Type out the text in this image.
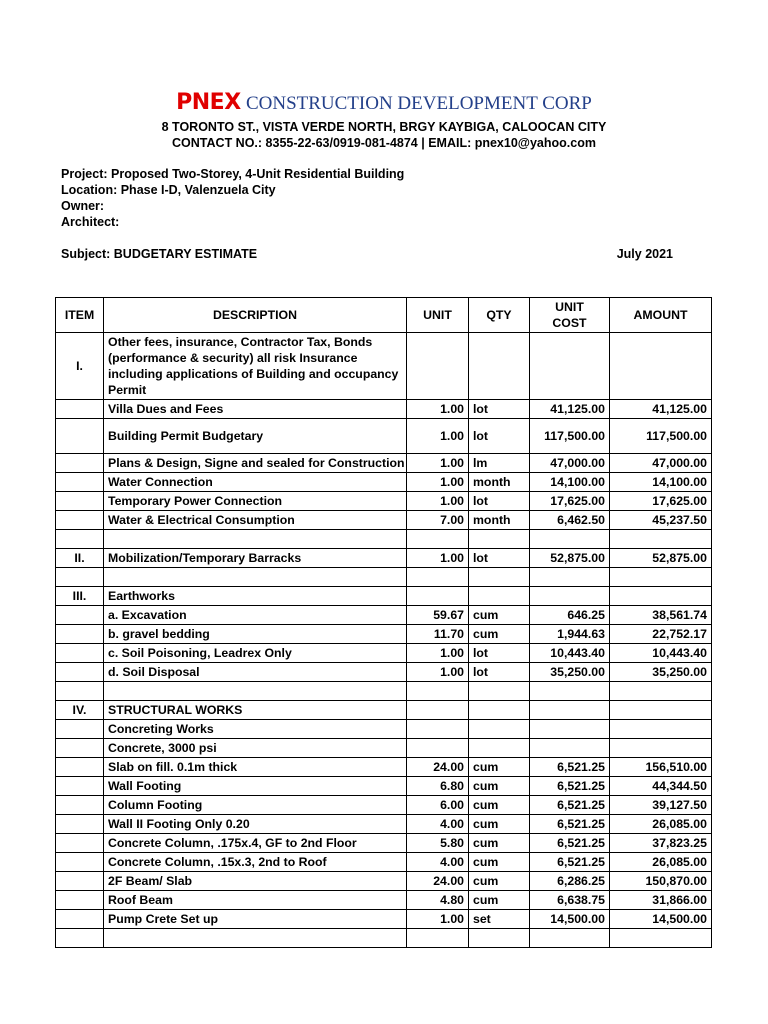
PNEX CONSTRUCTION DEVELOPMENT CORP
8 TORONTO ST., VISTA VERDE NORTH, BRGY KAYBIGA, CALOOCAN CITY
CONTACT NO.: 8355-22-63/0919-081-4874 | EMAIL: pnex10@yahoo.com
Project: Proposed Two-Storey, 4-Unit Residential Building
Location: Phase I-D, Valenzuela City
Owner:
Architect:
Subject: BUDGETARY ESTIMATE	July 2021
ITEM	DESCRIPTION	UNIT	QTY	UNIT COST	AMOUNT
I.	Other fees, insurance, Contractor Tax, Bonds (performance & security) all risk Insurance including applications of Building and occupancy Permit				
	Villa Dues and Fees	1.00	lot	41,125.00	41,125.00
	Building Permit Budgetary	1.00	lot	117,500.00	117,500.00
	Plans & Design, Signe and sealed for Construction	1.00	lm	47,000.00	47,000.00
	Water Connection	1.00	month	14,100.00	14,100.00
	Temporary Power Connection	1.00	lot	17,625.00	17,625.00
	Water & Electrical Consumption	7.00	month	6,462.50	45,237.50

II.	Mobilization/Temporary Barracks	1.00	lot	52,875.00	52,875.00

III.	Earthworks				
	a. Excavation	59.67	cum	646.25	38,561.74
	b. gravel bedding	11.70	cum	1,944.63	22,752.17
	c. Soil Poisoning, Leadrex Only	1.00	lot	10,443.40	10,443.40
	d. Soil Disposal	1.00	lot	35,250.00	35,250.00

IV.	STRUCTURAL WORKS				
	Concreting Works				
	Concrete, 3000 psi				
	Slab on fill. 0.1m thick	24.00	cum	6,521.25	156,510.00
	Wall Footing	6.80	cum	6,521.25	44,344.50
	Column Footing	6.00	cum	6,521.25	39,127.50
	Wall II Footing Only 0.20	4.00	cum	6,521.25	26,085.00
	Concrete Column, .175x.4, GF to 2nd Floor	5.80	cum	6,521.25	37,823.25
	Concrete Column, .15x.3, 2nd to Roof	4.00	cum	6,521.25	26,085.00
	2F Beam/ Slab	24.00	cum	6,286.25	150,870.00
	Roof Beam	4.80	cum	6,638.75	31,866.00
	Pump Crete Set up	1.00	set	14,500.00	14,500.00
